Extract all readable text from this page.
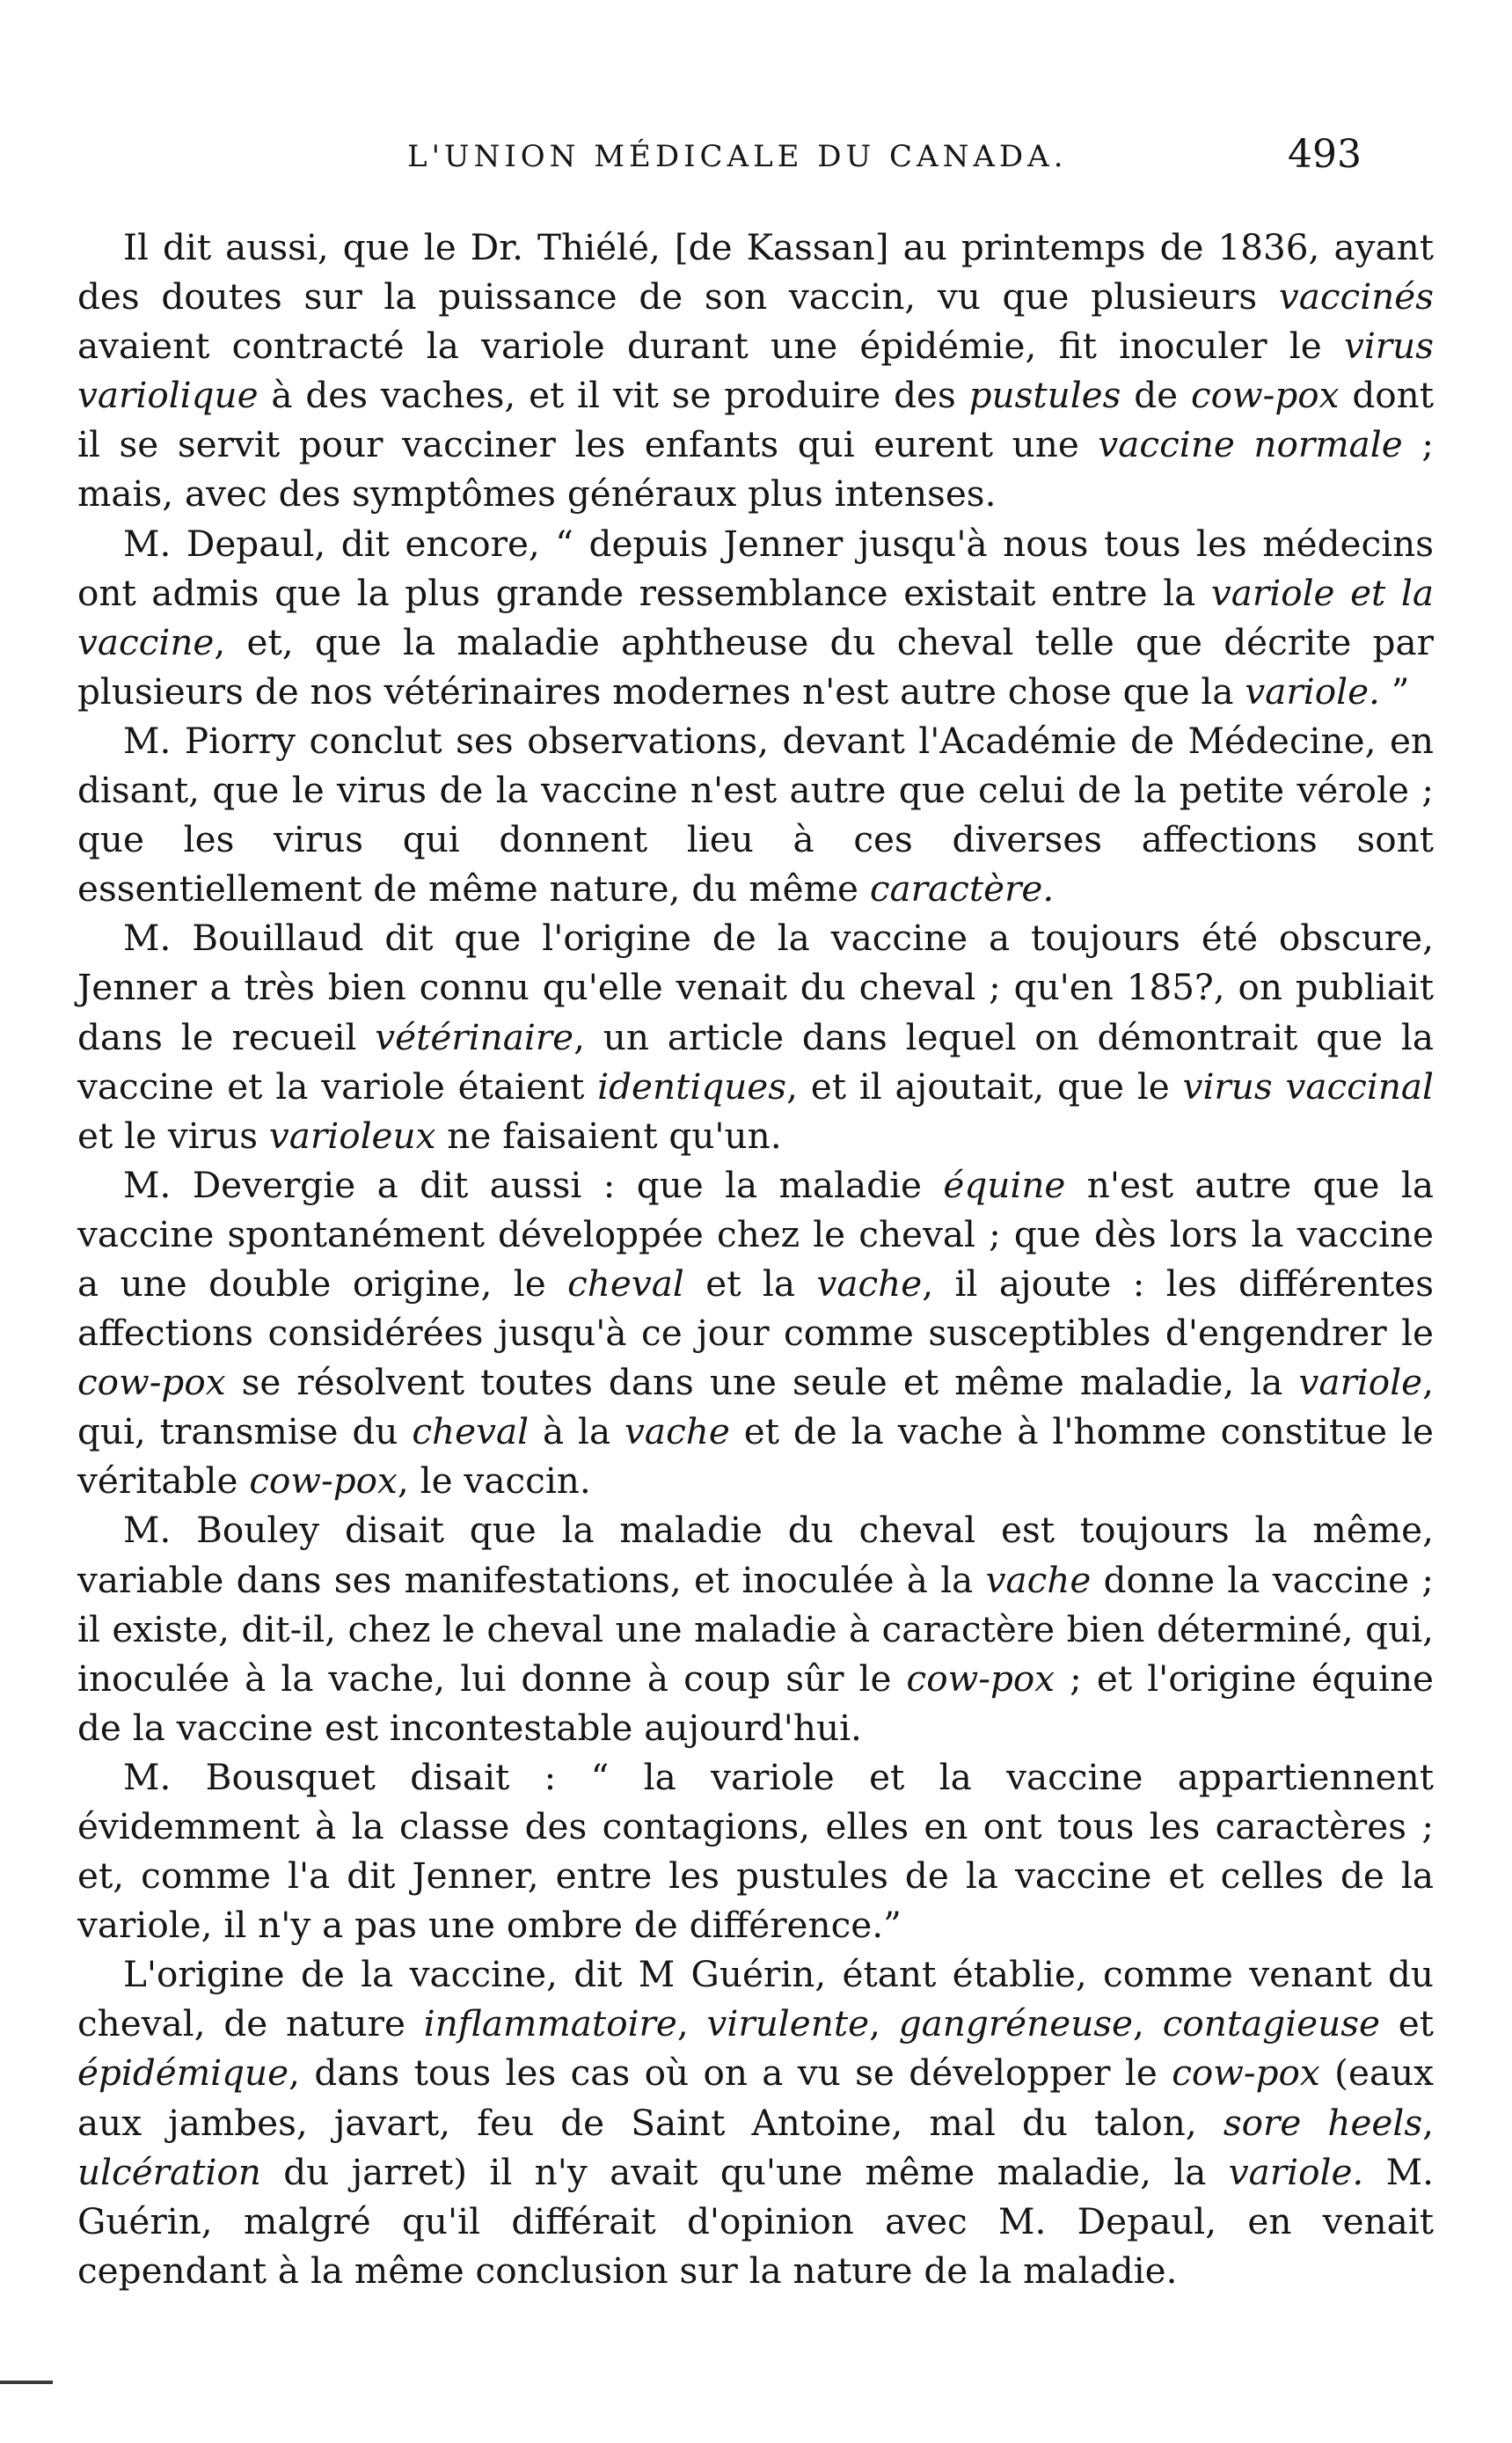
L'UNION MÉDICALE DU CANADA.	493

Il dit aussi, que le Dr. Thiélé, [de Kassan] au printemps de 1836, ayant des doutes sur la puissance de son vaccin, vu que plusieurs vaccinés avaient contracté la variole durant une épidémie, fit inoculer le virus variolique à des vaches, et il vit se produire des pustules de cow-pox dont il se servit pour vacciner les enfants qui eurent une vaccine normale ; mais, avec des symptômes généraux plus intenses.

M. Depaul, dit encore, “ depuis Jenner jusqu'à nous tous les médecins ont admis que la plus grande ressemblance existait entre la variole et la vaccine, et, que la maladie aphtheuse du cheval telle que décrite par plusieurs de nos vétérinaires modernes n'est autre chose que la variole. ”

M. Piorry conclut ses observations, devant l'Académie de Médecine, en disant, que le virus de la vaccine n'est autre que celui de la petite vérole ; que les virus qui donnent lieu à ces diverses affections sont essentiellement de même nature, du même caractère.

M. Bouillaud dit que l'origine de la vaccine a toujours été obscure, Jenner a très bien connu qu'elle venait du cheval ; qu'en 185?, on publiait dans le recueil vétérinaire, un article dans lequel on démontrait que la vaccine et la variole étaient identiques, et il ajoutait, que le virus vaccinal et le virus varioleux ne faisaient qu'un.

M. Devergie a dit aussi : que la maladie équine n'est autre que la vaccine spontanément développée chez le cheval ; que dès lors la vaccine a une double origine, le cheval et la vache, il ajoute : les différentes affections considérées jusqu'à ce jour comme susceptibles d'engendrer le cow-pox se résolvent toutes dans une seule et même maladie, la variole, qui, transmise du cheval à la vache et de la vache à l'homme constitue le véritable cow-pox, le vaccin.

M. Bouley disait que la maladie du cheval est toujours la même, variable dans ses manifestations, et inoculée à la vache donne la vaccine ; il existe, dit-il, chez le cheval une maladie à caractère bien déterminé, qui, inoculée à la vache, lui donne à coup sûr le cow-pox ; et l'origine équine de la vaccine est incontestable aujourd'hui.

M. Bousquet disait : “ la variole et la vaccine appartiennent évidemment à la classe des contagions, elles en ont tous les caractères ; et, comme l'a dit Jenner, entre les pustules de la vaccine et celles de la variole, il n'y a pas une ombre de différence.”

L'origine de la vaccine, dit M Guérin, étant établie, comme venant du cheval, de nature inflammatoire, virulente, gangréneuse, contagieuse et épidémique, dans tous les cas où on a vu se développer le cow-pox (eaux aux jambes, javart, feu de Saint Antoine, mal du talon, sore heels, ulcération du jarret) il n'y avait qu'une même maladie, la variole. M. Guérin, malgré qu'il différait d'opinion avec M. Depaul, en venait cependant à la même conclusion sur la nature de la maladie.
